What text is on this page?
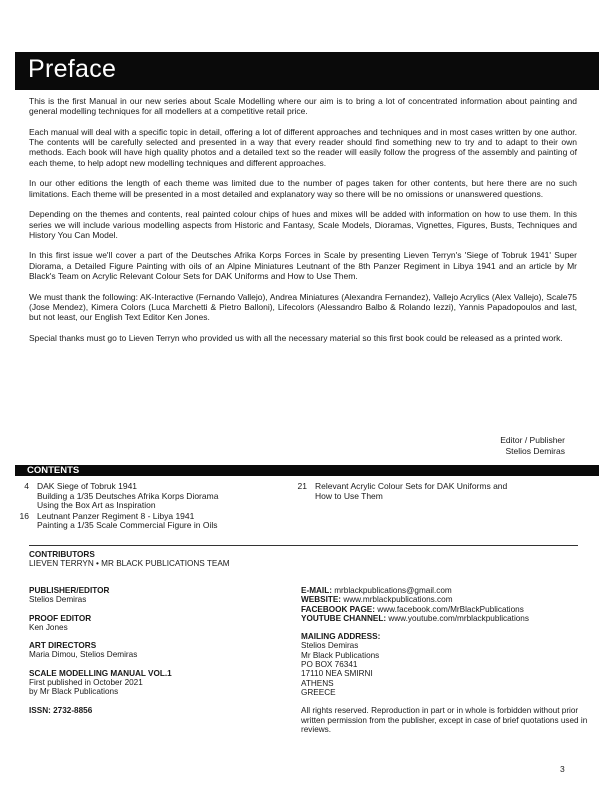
Preface

This is the first Manual in our new series about Scale Modelling where our aim is to bring a lot of concentrated information about painting and general modelling techniques for all modellers at a competitive retail price.

Each manual will deal with a specific topic in detail, offering a lot of different approaches and techniques and in most cases written by one author. The contents will be carefully selected and presented in a way that every reader should find something new to try and to adapt to their own methods. Each book will have high quality photos and a detailed text so the reader will easily follow the progress of the assembly and painting of each theme, to help adopt new modelling techniques and different approaches.

In our other editions the length of each theme was limited due to the number of pages taken for other contents, but here there are no such limitations. Each theme will be presented in a most detailed and explanatory way so there will be no omissions or unanswered questions.

Depending on the themes and contents, real painted colour chips of hues and mixes will be added with information on how to use them. In this series we will include various modelling aspects from Historic and Fantasy, Scale Models, Dioramas, Vignettes, Figures, Busts, Techniques and History You Can Model.

In this first issue we'll cover a part of the Deutsches Afrika Korps Forces in Scale by presenting Lieven Terryn's 'Siege of Tobruk 1941' Super Diorama, a Detailed Figure Painting with oils of an Alpine Miniatures Leutnant of the 8th Panzer Regiment in Libya 1941 and an article by Mr Black's Team on Acrylic Relevant Colour Sets for DAK Uniforms and How to Use Them.

We must thank the following: AK-Interactive (Fernando Vallejo), Andrea Miniatures (Alexandra Fernandez), Vallejo Acrylics (Alex Vallejo), Scale75 (Jose Mendez), Kimera Colors (Luca Marchetti & Pietro Balloni), Lifecolors (Alessandro Balbo & Rolando Iezzi), Yannis Papadopoulos and last, but not least, our English Text Editor Ken Jones.

Special thanks must go to Lieven Terryn who provided us with all the necessary material so this first book could be released as a printed work.

Editor / Publisher
Stelios Demiras
CONTENTS
4 DAK Siege of Tobruk 1941
Building a 1/35 Deutsches Afrika Korps Diorama
Using the Box Art as Inspiration
16 Leutnant Panzer Regiment 8 - Libya 1941
Painting a 1/35 Scale Commercial Figure in Oils
21 Relevant Acrylic Colour Sets for DAK Uniforms and
How to Use Them
CONTRIBUTORS
LIEVEN TERRYN • MR BLACK PUBLICATIONS TEAM
PUBLISHER/EDITOR
Stelios Demiras
PROOF EDITOR
Ken Jones
ART DIRECTORS
Maria Dimou, Stelios Demiras
SCALE MODELLING MANUAL VOL.1
First published in October 2021
by Mr Black Publications
ISSN: 2732-8856
E-MAIL: mrblackpublications@gmail.com
WEBSITE: www.mrblackpublications.com
FACEBOOK PAGE: www.facebook.com/MrBlackPublications
YOUTUBE CHANNEL: www.youtube.com/mrblackpublications
MAILING ADDRESS:
Stelios Demiras
Mr Black Publications
PO BOX 76341
17110 NEA SMIRNI
ATHENS
GREECE
All rights reserved. Reproduction in part or in whole is forbidden without prior written permission from the publisher, except in case of brief quotations used in reviews.
3
